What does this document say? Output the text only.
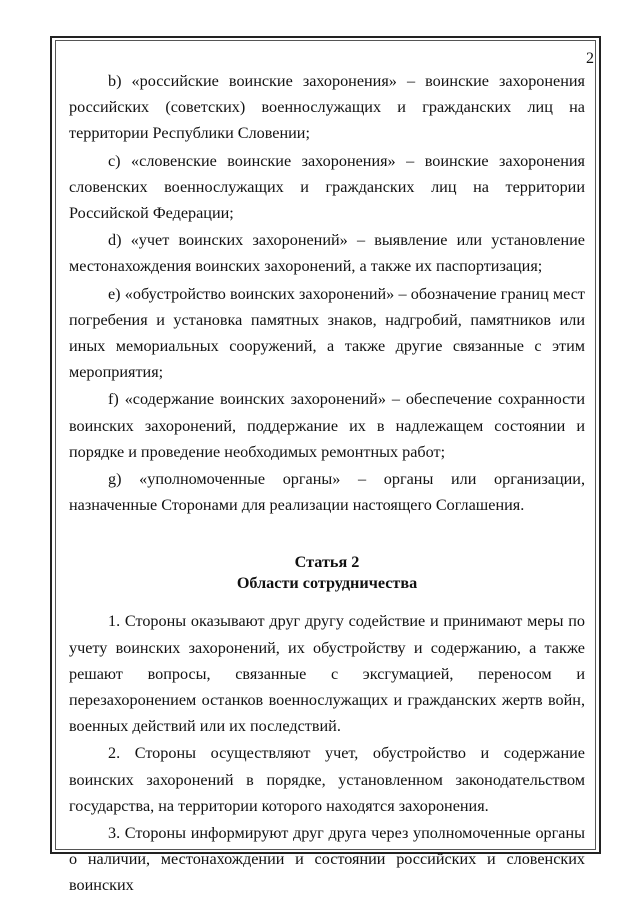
2

b) «российские воинские захоронения» – воинские захоронения российских (советских) военнослужащих и гражданских лиц на территории Республики Словении;

c) «словенские воинские захоронения» – воинские захоронения словенских военнослужащих и гражданских лиц на территории Российской Федерации;

d) «учет воинских захоронений» – выявление или установление местонахождения воинских захоронений, а также их паспортизация;

e) «обустройство воинских захоронений» – обозначение границ мест погребения и установка памятных знаков, надгробий, памятников или иных мемориальных сооружений, а также другие связанные с этим мероприятия;

f) «содержание воинских захоронений» – обеспечение сохранности воинских захоронений, поддержание их в надлежащем состоянии и порядке и проведение необходимых ремонтных работ;

g) «уполномоченные органы» – органы или организации, назначенные Сторонами для реализации настоящего Соглашения.

Статья 2
Области сотрудничества

1. Стороны оказывают друг другу содействие и принимают меры по учету воинских захоронений, их обустройству и содержанию, а также решают вопросы, связанные с эксгумацией, переносом и перезахоронением останков военнослужащих и гражданских жертв войн, военных действий или их последствий.

2. Стороны осуществляют учет, обустройство и содержание воинских захоронений в порядке, установленном законодательством государства, на территории которого находятся захоронения.

3. Стороны информируют друг друга через уполномоченные органы о наличии, местонахождении и состоянии российских и словенских воинских
